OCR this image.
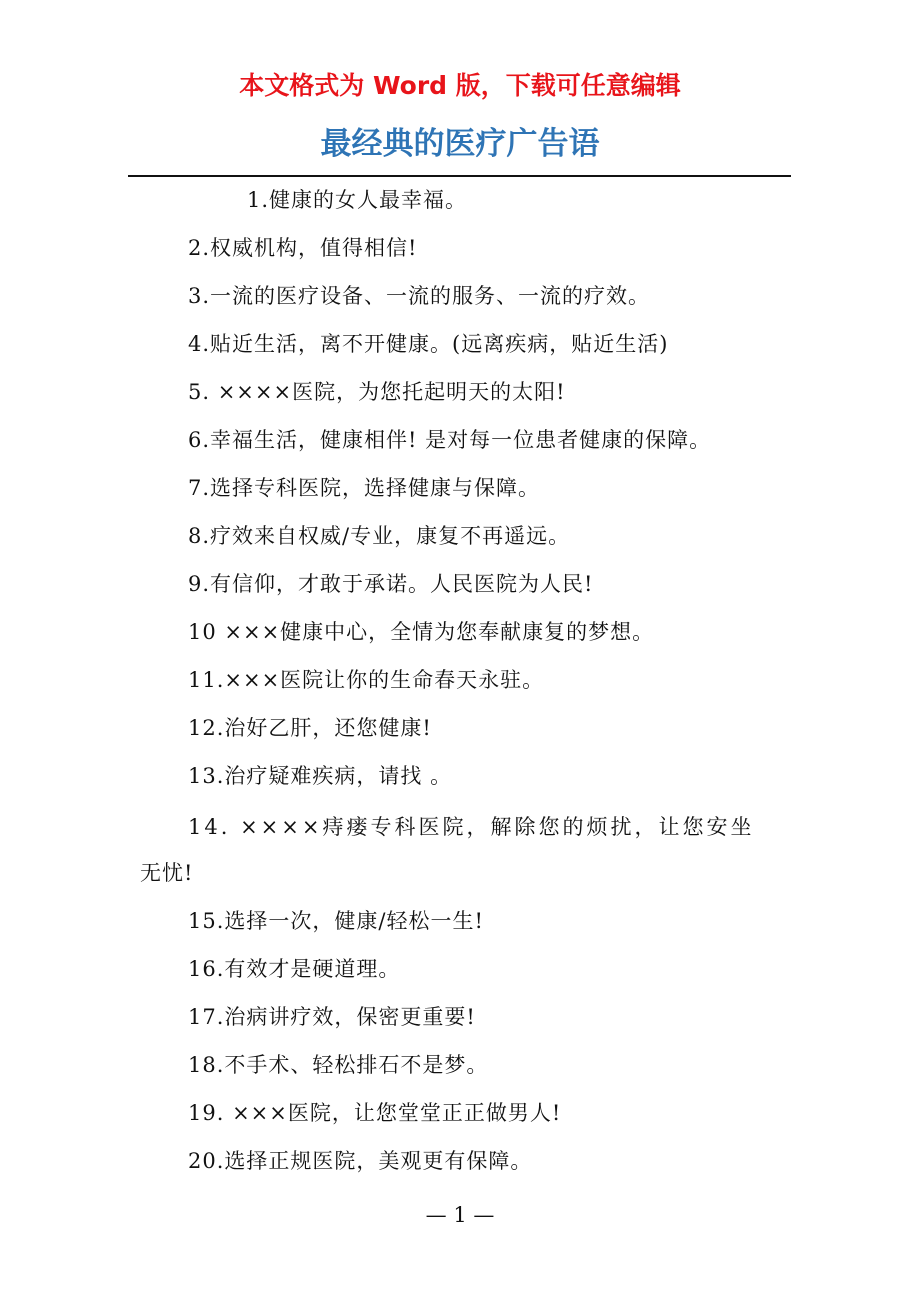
本文格式为 Word 版，下载可任意编辑
最经典的医疗广告语
1.健康的女人最幸福。
2.权威机构，值得相信!
3.一流的医疗设备、一流的服务、一流的疗效。
4.贴近生活，离不开健康。(远离疾病，贴近生活)
5. ××××医院，为您托起明天的太阳!
6.幸福生活，健康相伴! 是对每一位患者健康的保障。
7.选择专科医院，选择健康与保障。
8.疗效来自权威/专业，康复不再遥远。
9.有信仰，才敢于承诺。人民医院为人民!
10 ×××健康中心，全情为您奉献康复的梦想。
11.×××医院让你的生命春天永驻。
12.治好乙肝，还您健康!
13.治疗疑难疾病，请找 。
14. ××××痔瘘专科医院，解除您的烦扰，让您安坐
无忧!
15.选择一次，健康/轻松一生!
16.有效才是硬道理。
17.治病讲疗效，保密更重要!
18.不手术、轻松排石不是梦。
19. ×××医院，让您堂堂正正做男人!
20.选择正规医院，美观更有保障。
— 1 —
